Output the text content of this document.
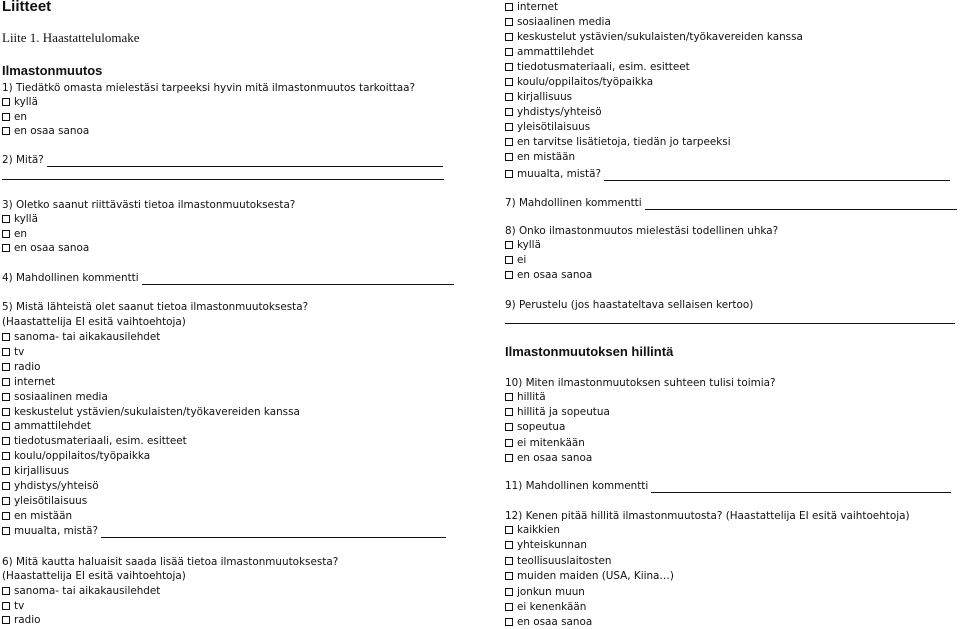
Liitteet
Liite 1. Haastattelulomake
Ilmastonmuutos
1) Tiedätkö omasta mielestäsi tarpeeksi hyvin mitä ilmastonmuutos tarkoittaa?
kyllä
en
en osaa sanoa
2) Mitä?
3) Oletko saanut riittävästi tietoa ilmastonmuutoksesta?
kyllä
en
en osaa sanoa
4) Mahdollinen kommentti
5) Mistä lähteistä olet saanut tietoa ilmastonmuutoksesta?
(Haastattelija EI esitä vaihtoehtoja)
sanoma- tai aikakausilehdet
tv
radio
internet
sosiaalinen media
keskustelut ystävien/sukulaisten/työkavereiden kanssa
ammattilehdet
tiedotusmateriaali, esim. esitteet
koulu/oppilaitos/työpaikka
kirjallisuus
yhdistys/yhteisö
yleisötilaisuus
en mistään
muualta, mistä?
6) Mitä kautta haluaisit saada lisää tietoa ilmastonmuutoksesta?
(Haastattelija EI esitä vaihtoehtoja)
sanoma- tai aikakausilehdet
tv
radio
internet
sosiaalinen media
keskustelut ystävien/sukulaisten/työkavereiden kanssa
ammattilehdet
tiedotusmateriaali, esim. esitteet
koulu/oppilaitos/työpaikka
kirjallisuus
yhdistys/yhteisö
yleisötilaisuus
en tarvitse lisätietoja, tiedän jo tarpeeksi
en mistään
muualta, mistä?
7) Mahdollinen kommentti
8) Onko ilmastonmuutos mielestäsi todellinen uhka?
kyllä
ei
en osaa sanoa
9) Perustelu (jos haastateltava sellaisen kertoo)
Ilmastonmuutoksen hillintä
10) Miten ilmastonmuutoksen suhteen tulisi toimia?
hillitä
hillitä ja sopeutua
sopeutua
ei mitenkään
en osaa sanoa
11) Mahdollinen kommentti
12) Kenen pitää hillitä ilmastonmuutosta? (Haastattelija EI esitä vaihtoehtoja)
kaikkien
yhteiskunnan
teollisuuslaitosten
muiden maiden (USA, Kiina…)
jonkun muun
ei kenenkään
en osaa sanoa
